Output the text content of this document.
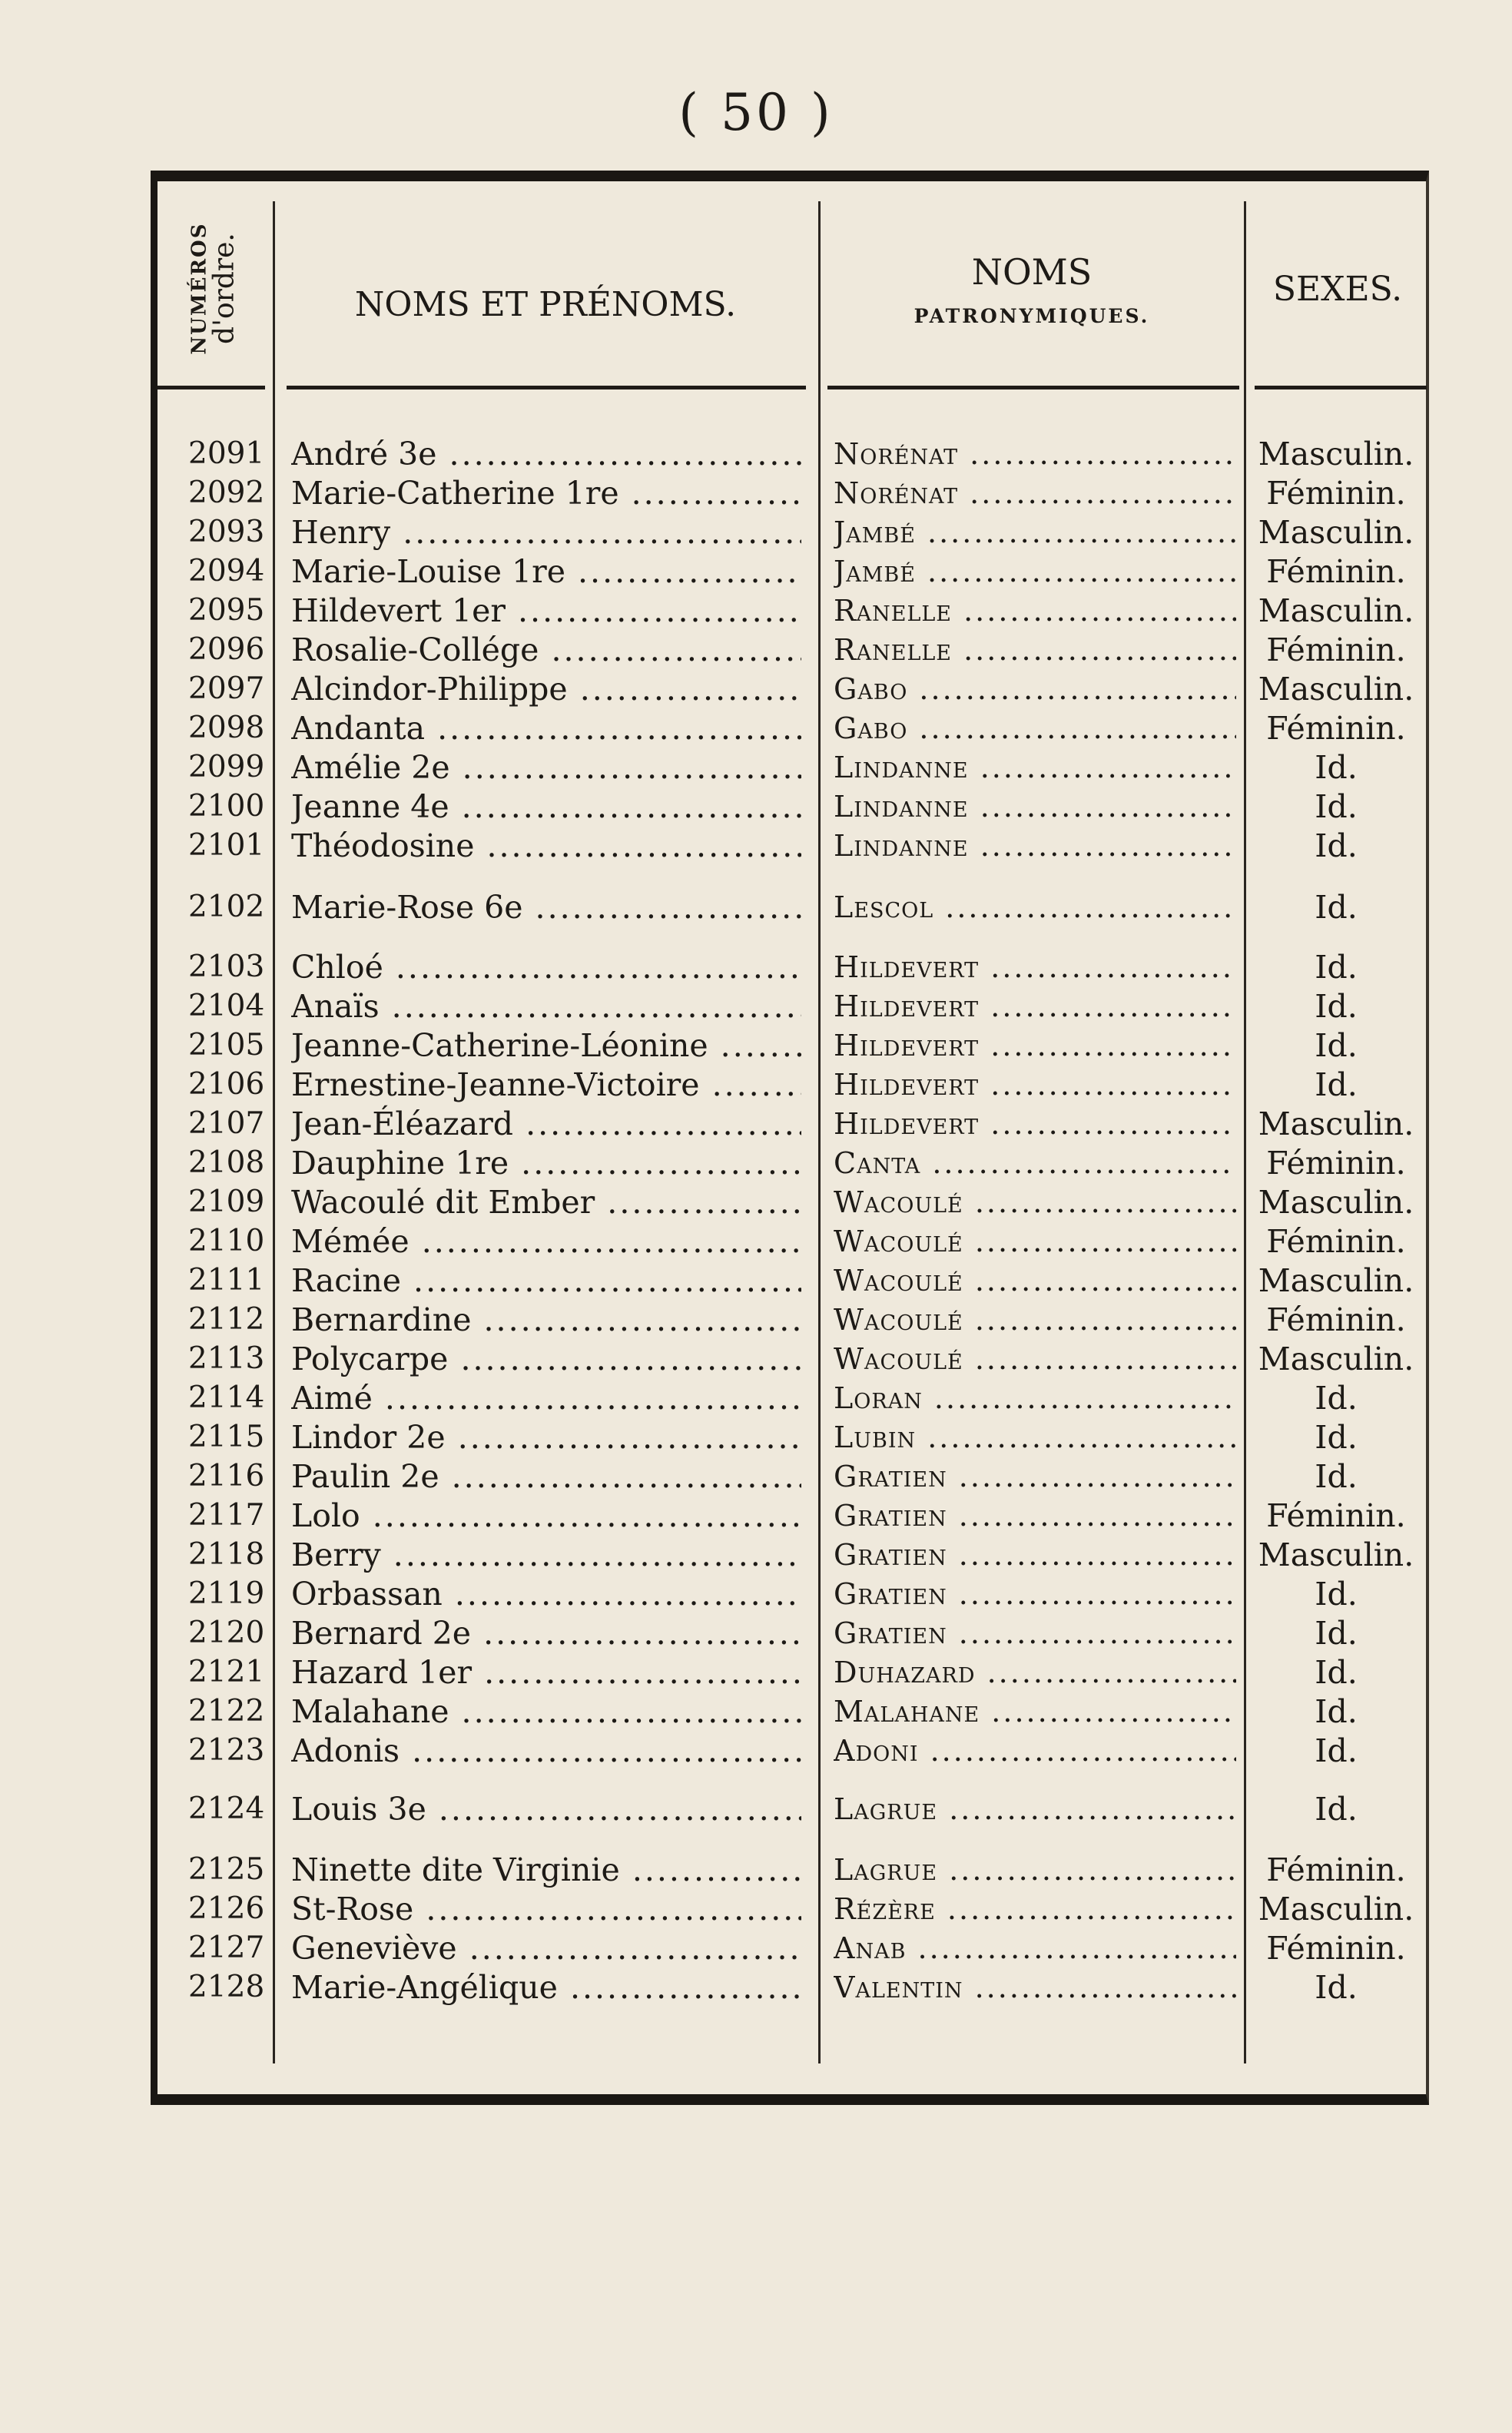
( 50 )
NUMÉROS
d'ordre.	NOMS ET PRÉNOMS.
NOMS
PATRONYMIQUES.
SEXES.
2091 André 3e .....	Norénat .....	Masculin.
2092 Marie-Catherine 1re .....	Norénat .....	Féminin.
2093 Henry .....	Jambé .....	Masculin.
2094 Marie-Louise 1re .....	Jambé .....	Féminin.
2095 Hildevert 1er .....	Ranelle .....	Masculin.
2096 Rosalie-Collége .....	Ranelle .....	Féminin.
2097 Alcindor-Philippe .....	Gabo .....	Masculin.
2098 Andanta .....	Gabo .....	Féminin.
2099 Amélie 2e .....	Lindanne .....	Id.
2100 Jeanne 4e .....	Lindanne .....	Id.
2101 Théodosine .....	Lindanne .....	Id.
2102 Marie-Rose 6e .....	Lescol .....	Id.
2103 Chloé .....	Hildevert .....	Id.
2104 Anaïs .....	Hildevert .....	Id.
2105 Jeanne-Catherine-Léonine .....	Hildevert .....	Id.
2106 Ernestine-Jeanne-Victoire .....	Hildevert .....	Id.
2107 Jean-Éléazard .....	Hildevert .....	Masculin.
2108 Dauphine 1re .....	Canta .....	Féminin.
2109 Wacoulé dit Ember .....	Wacoulé .....	Masculin.
2110 Mémée .....	Wacoulé .....	Féminin.
2111 Racine .....	Wacoulé .....	Masculin.
2112 Bernardine .....	Wacoulé .....	Féminin.
2113 Polycarpe .....	Wacoulé .....	Masculin.
2114 Aimé .....	Loran .....	Id.
2115 Lindor 2e .....	Lubin .....	Id.
2116 Paulin 2e .....	Gratien .....	Id.
2117 Lolo .....	Gratien .....	Féminin.
2118 Berry .....	Gratien .....	Masculin.
2119 Orbassan .....	Gratien .....	Id.
2120 Bernard 2e .....	Gratien .....	Id.
2121 Hazard 1er .....	Duhazard .....	Id.
2122 Malahane .....	Malahane .....	Id.
2123 Adonis .....	Adoni .....	Id.
2124 Louis 3e .....	Lagrue .....	Id.
2125 Ninette dite Virginie .....	Lagrue .....	Féminin.
2126 St-Rose .....	Rézère .....	Masculin.
2127 Geneviève .....	Anab .....	Féminin.
2128 Marie-Angélique .....	Valentin .....	Id.
